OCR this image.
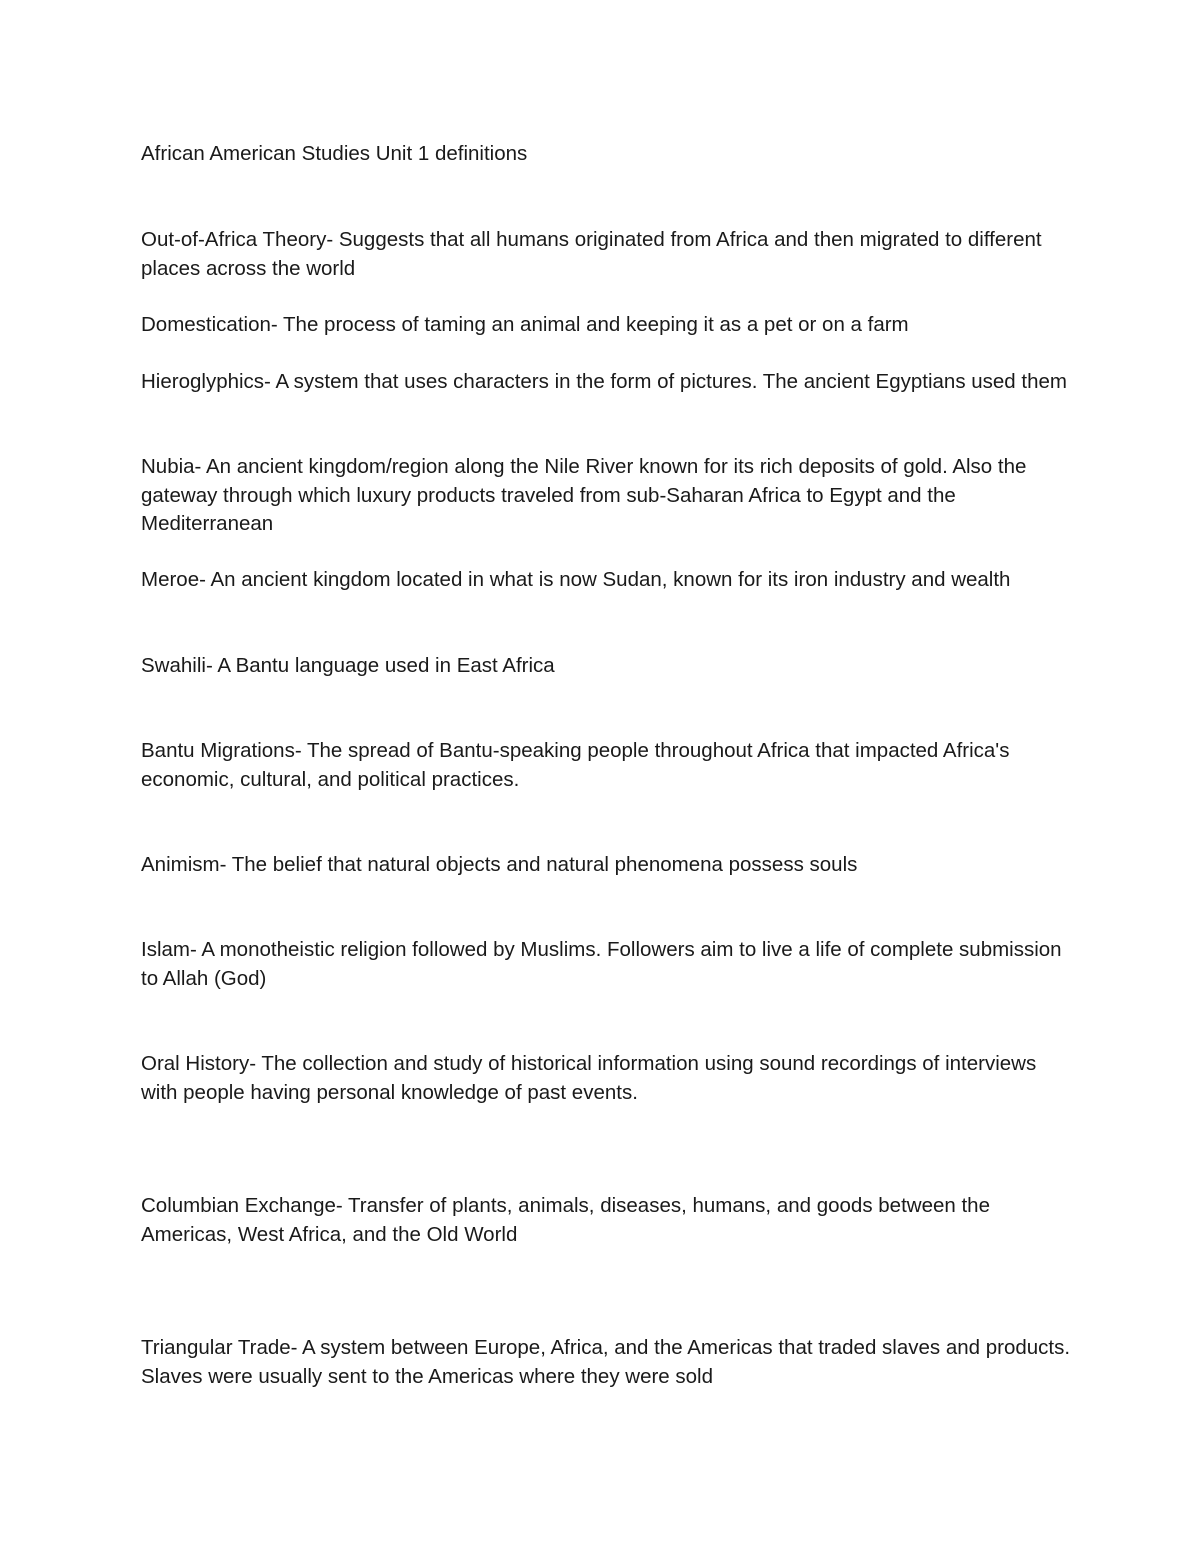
African American Studies Unit 1 definitions

Out-of-Africa Theory- Suggests that all humans originated from Africa and then migrated to different places across the world

Domestication- The process of taming an animal and keeping it as a pet or on a farm

Hieroglyphics- A system that uses characters in the form of pictures. The ancient Egyptians used them

Nubia- An ancient kingdom/region along the Nile River known for its rich deposits of gold. Also the gateway through which luxury products traveled from sub-Saharan Africa to Egypt and the Mediterranean

Meroe- An ancient kingdom located in what is now Sudan, known for its iron industry and wealth

Swahili- A Bantu language used in East Africa

Bantu Migrations- The spread of Bantu-speaking people throughout Africa that impacted Africa's economic, cultural, and political practices.

Animism- The belief that natural objects and natural phenomena possess souls

Islam- A monotheistic religion followed by Muslims. Followers aim to live a life of complete submission to Allah (God)

Oral History- The collection and study of historical information using sound recordings of interviews with people having personal knowledge of past events.

Columbian Exchange- Transfer of plants, animals, diseases, humans, and goods between the Americas, West Africa, and the Old World

Triangular Trade- A system between Europe, Africa, and the Americas that traded slaves and products. Slaves were usually sent to the Americas where they were sold
